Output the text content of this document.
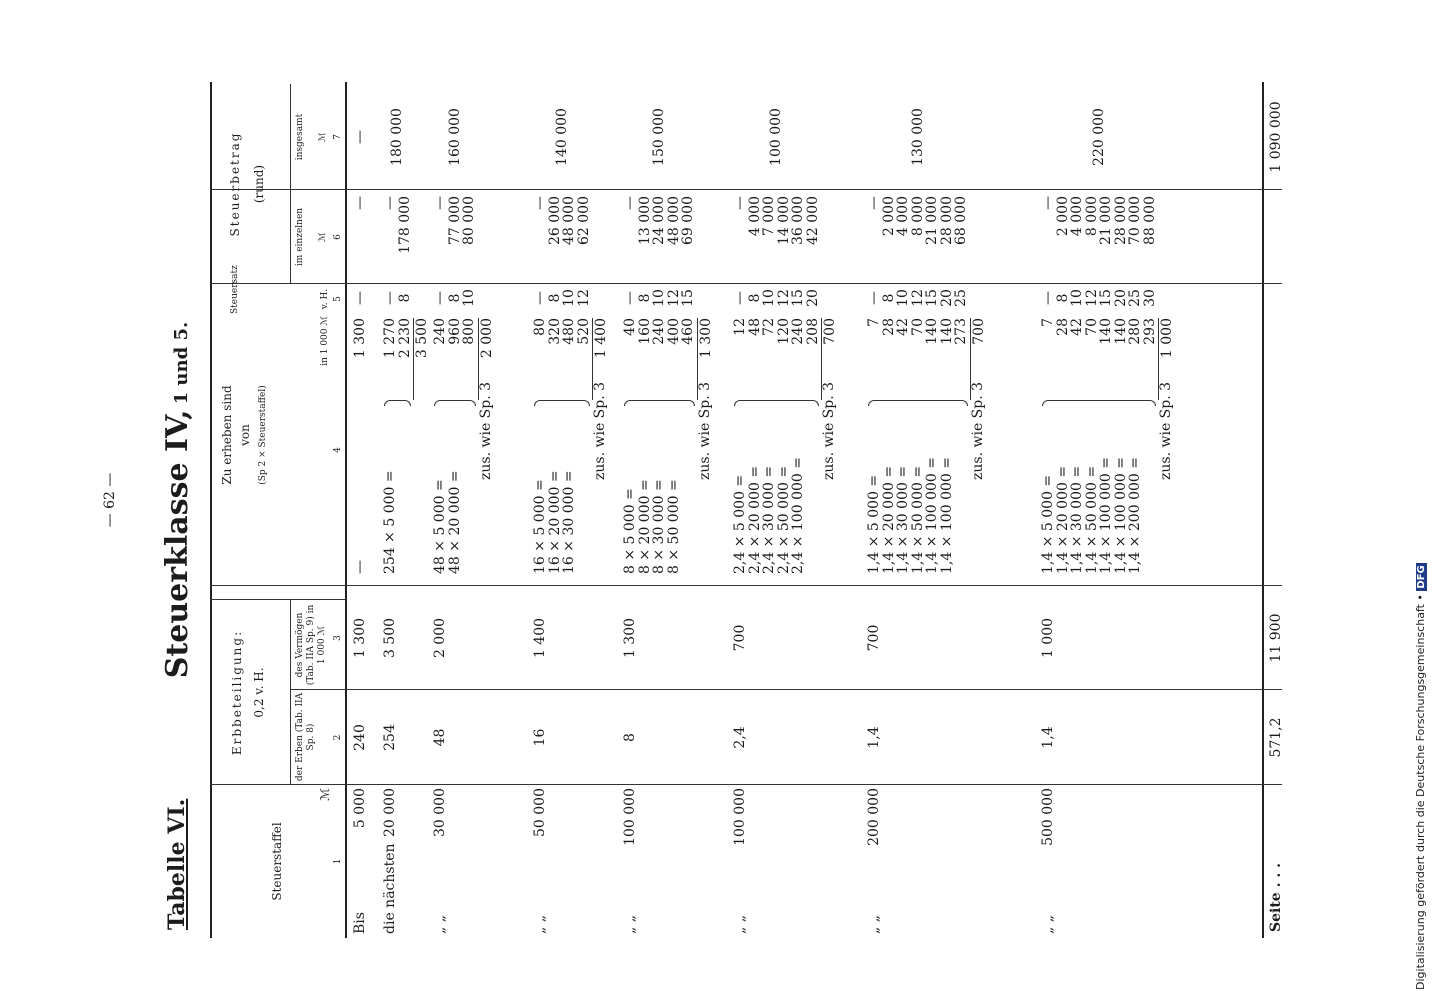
— 62 —
Tabelle VI.
Steuerklasse IV, 1 und 5.
Steuerstaffel
ℳ
Erbbeteiligung: 0,2 v. H.
der Erben (Tab. IIA Sp. 8)
des Vermögen (Tab. IIA Sp. 9) in 1 000 ℳ
Zu erheben sind von (Sp 2 × Steuerstaffel)
in 1 000 ℳ
Steuersatz	v. H.
Steuerbetrag (rund)
im einzelnen ℳ
insgesamt ℳ
1
2
3
4
5
6
7
Bis
5 000
240
1 300
—
1 300
—
—
—
die nächsten
20 000
254
3 500
254 × 5 000 =
1 270
2 230
—
8
—
178 000
3 500
180 000
„ „
30 000
48
2 000
48 × 5 000 =
48 × 20 000 =
240
960
800
—
8
10
—
77 000
80 000
zus. wie Sp. 3
2 000
160 000
„ „
50 000
16
1 400
16 × 5 000 =
16 × 20 000 =
16 × 30 000 =
80
320
480
520
—
8
10
12
—
26 000
48 000
62 000
zus. wie Sp. 3
1 400
140 000
„ „
100 000
8
1 300
8 × 5 000 =
8 × 20 000 =
8 × 30 000 =
8 × 50 000 =
40
160
240
400
460
—
8
10
12
15
—
13 000
24 000
48 000
69 000
zus. wie Sp. 3
1 300
150 000
„ „
100 000
2,4
700
2,4 × 5 000 =
2,4 × 20 000 =
2,4 × 30 000 =
2,4 × 50 000 =
2,4 × 100 000 =
12
48
72
120
240
208
—
8
10
12
15
20
—
4 000
7 000
14 000
36 000
42 000
zus. wie Sp. 3
700
100 000
„ „
200 000
1,4
700
1,4 × 5 000 =
1,4 × 20 000 =
1,4 × 30 000 =
1,4 × 50 000 =
1,4 × 100 000 =
1,4 × 100 000 =
7
28
42
70
140
140
273
—
8
10
12
15
20
25
—
2 000
4 000
8 000
21 000
28 000
68 000
zus. wie Sp. 3
700
130 000
„ „
500 000
1,4
1 000
1,4 × 5 000 =
1,4 × 20 000 =
1,4 × 30 000 =
1,4 × 50 000 =
1,4 × 100 000 =
1,4 × 100 000 =
1,4 × 200 000 =
7
28
42
70
140
140
280
293
—
8
10
12
15
20
25
30
—
2 000
4 000
8 000
21 000
28 000
70 000
88 000
zus. wie Sp. 3
1 000
220 000
Seite . . .
571,2
11 900
1 090 000
Digitalisierung gefördert durch die Deutsche Forschungsgemeinschaft • DFG
